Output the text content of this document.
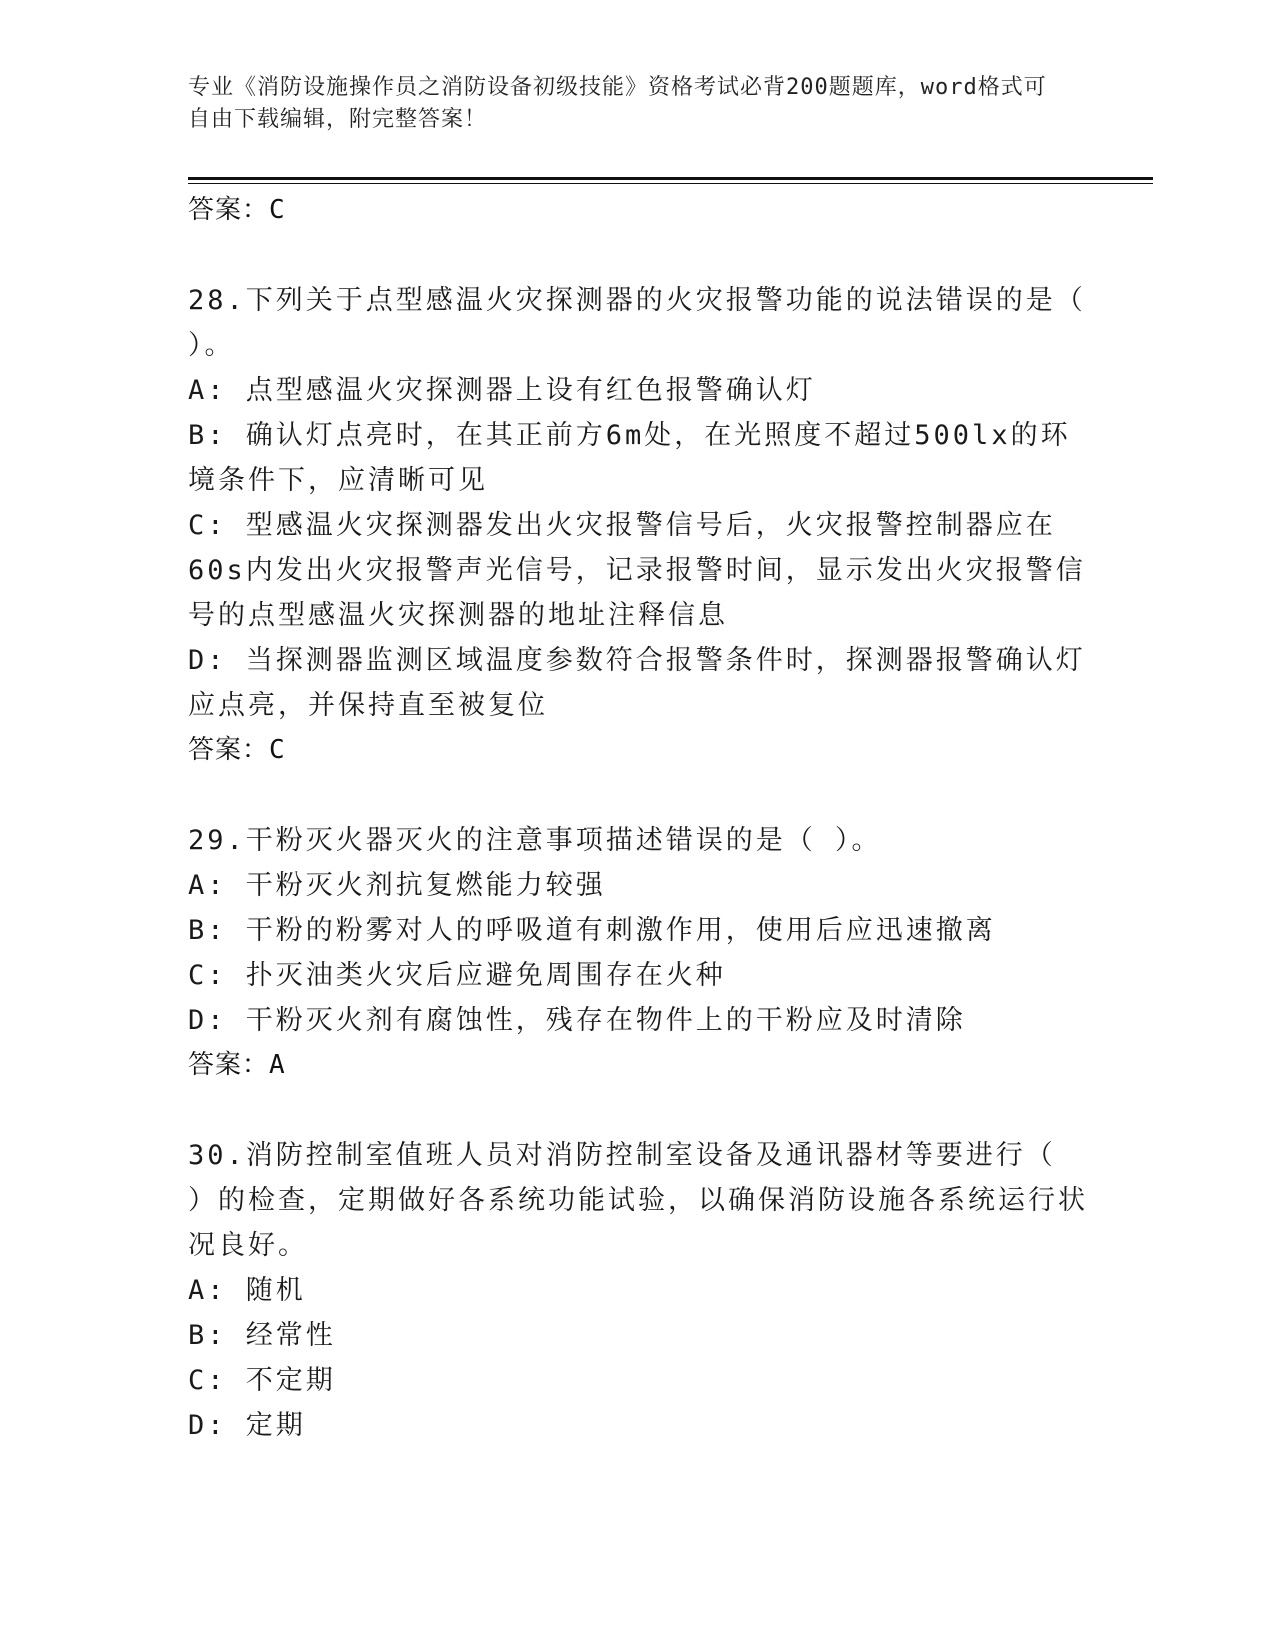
专业《消防设施操作员之消防设备初级技能》资格考试必背200题题库，word格式可自由下载编辑，附完整答案！

答案：C

28.下列关于点型感温火灾探测器的火灾报警功能的说法错误的是（ ）。

A: 点型感温火灾探测器上设有红色报警确认灯

B: 确认灯点亮时，在其正前方6m处，在光照度不超过500lx的环境条件下，应清晰可见

C: 型感温火灾探测器发出火灾报警信号后，火灾报警控制器应在60s内发出火灾报警声光信号，记录报警时间，显示发出火灾报警信号的点型感温火灾探测器的地址注释信息

D: 当探测器监测区域温度参数符合报警条件时，探测器报警确认灯应点亮，并保持直至被复位

答案：C

29.干粉灭火器灭火的注意事项描述错误的是（ ）。

A: 干粉灭火剂抗复燃能力较强

B: 干粉的粉雾对人的呼吸道有刺激作用，使用后应迅速撤离

C: 扑灭油类火灾后应避免周围存在火种

D: 干粉灭火剂有腐蚀性，残存在物件上的干粉应及时清除

答案：A

30.消防控制室值班人员对消防控制室设备及通讯器材等要进行（ ）的检查，定期做好各系统功能试验，以确保消防设施各系统运行状况良好。

A: 随机

B: 经常性

C: 不定期

D: 定期
